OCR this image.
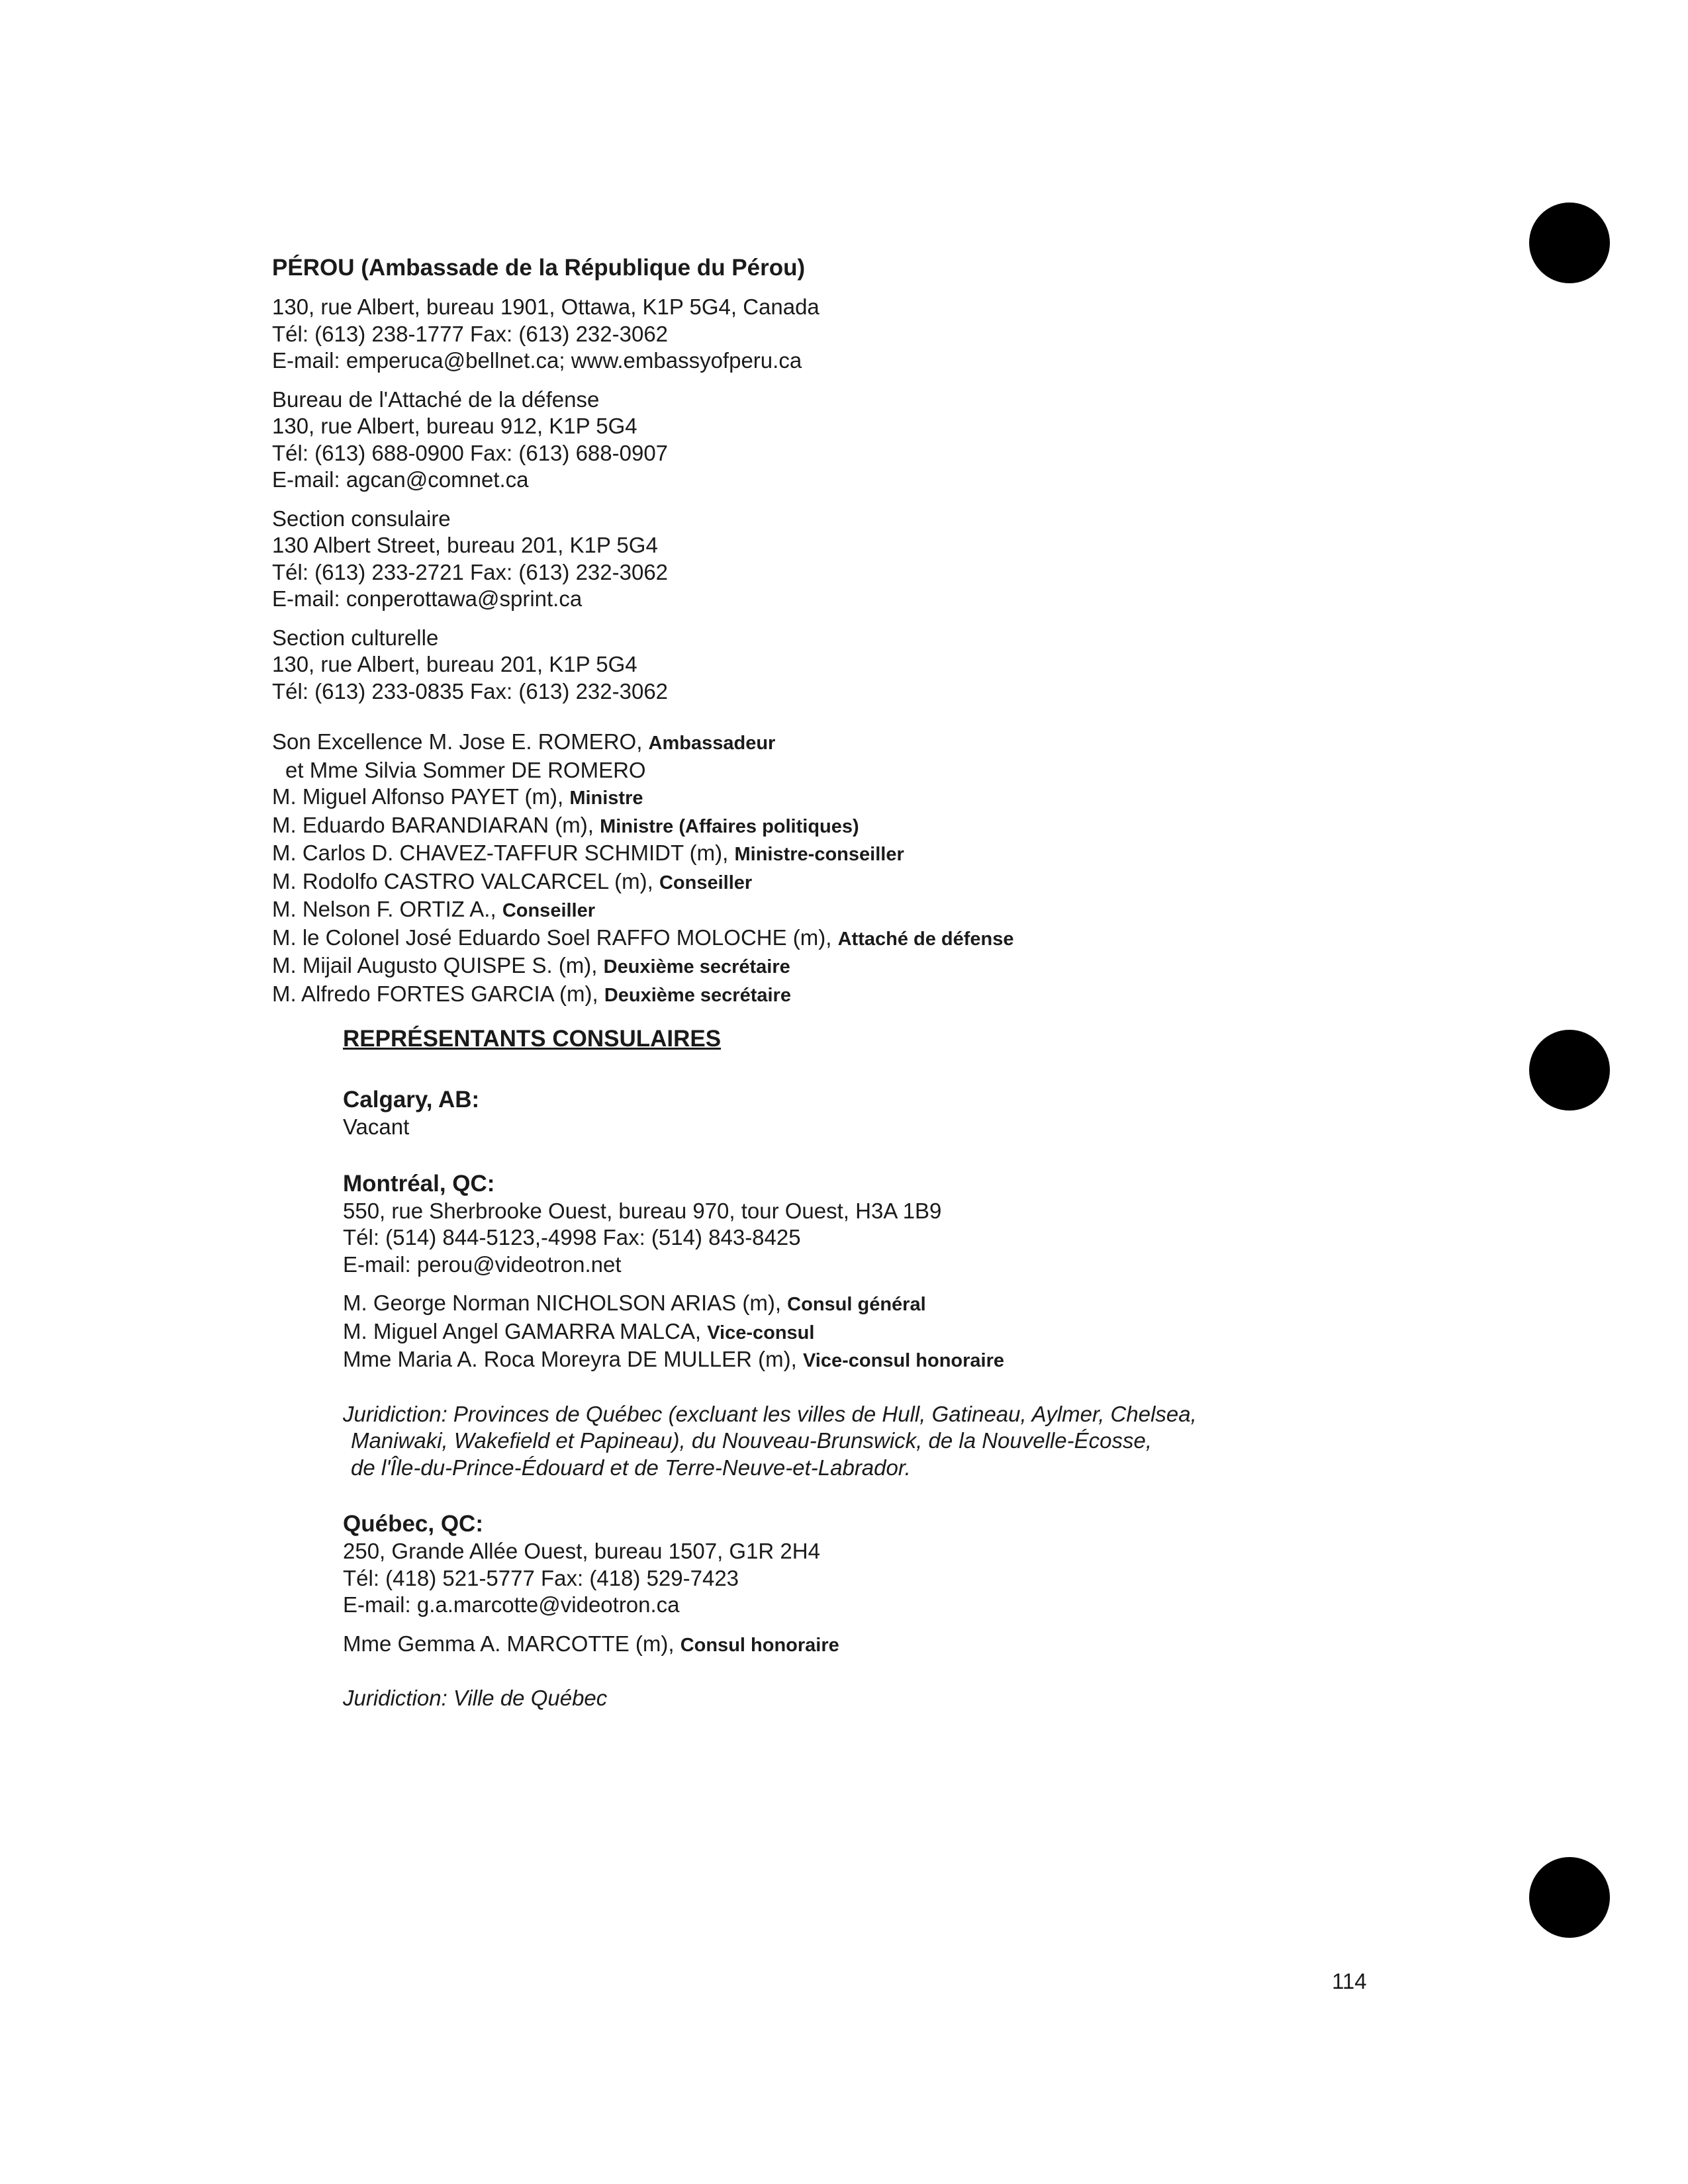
PÉROU (Ambassade de la République du Pérou)
130, rue Albert, bureau 1901, Ottawa, K1P 5G4, Canada
Tél: (613) 238-1777 Fax: (613) 232-3062
E-mail: emperuca@bellnet.ca; www.embassyofperu.ca
Bureau de l'Attaché de la défense
130, rue Albert, bureau 912, K1P 5G4
Tél: (613) 688-0900 Fax: (613) 688-0907
E-mail: agcan@comnet.ca
Section consulaire
130 Albert Street, bureau 201, K1P 5G4
Tél: (613) 233-2721 Fax: (613) 232-3062
E-mail: conperottawa@sprint.ca
Section culturelle
130, rue Albert, bureau 201, K1P 5G4
Tél: (613) 233-0835 Fax: (613) 232-3062
Son Excellence M. Jose E. ROMERO, Ambassadeur
et Mme Silvia Sommer DE ROMERO
M. Miguel Alfonso PAYET (m), Ministre
M. Eduardo BARANDIARAN (m), Ministre (Affaires politiques)
M. Carlos D. CHAVEZ-TAFFUR SCHMIDT (m), Ministre-conseiller
M. Rodolfo CASTRO VALCARCEL (m), Conseiller
M. Nelson F. ORTIZ A., Conseiller
M. le Colonel José Eduardo Soel RAFFO MOLOCHE (m), Attaché de défense
M. Mijail Augusto QUISPE S. (m), Deuxième secrétaire
M. Alfredo FORTES GARCIA (m), Deuxième secrétaire
REPRÉSENTANTS CONSULAIRES
Calgary, AB:
Vacant
Montréal, QC:
550, rue Sherbrooke Ouest, bureau 970, tour Ouest, H3A 1B9
Tél: (514) 844-5123,-4998 Fax: (514) 843-8425
E-mail: perou@videotron.net
M. George Norman NICHOLSON ARIAS (m), Consul général
M. Miguel Angel GAMARRA MALCA, Vice-consul
Mme Maria A. Roca Moreyra DE MULLER (m), Vice-consul honoraire
Juridiction: Provinces de Québec (excluant les villes de Hull, Gatineau, Aylmer, Chelsea,
Maniwaki, Wakefield et Papineau), du Nouveau-Brunswick, de la Nouvelle-Écosse,
de l'Île-du-Prince-Édouard et de Terre-Neuve-et-Labrador.
Québec, QC:
250, Grande Allée Ouest, bureau 1507, G1R 2H4
Tél: (418) 521-5777 Fax: (418) 529-7423
E-mail: g.a.marcotte@videotron.ca
Mme Gemma A. MARCOTTE (m), Consul honoraire
Juridiction: Ville de Québec
114
